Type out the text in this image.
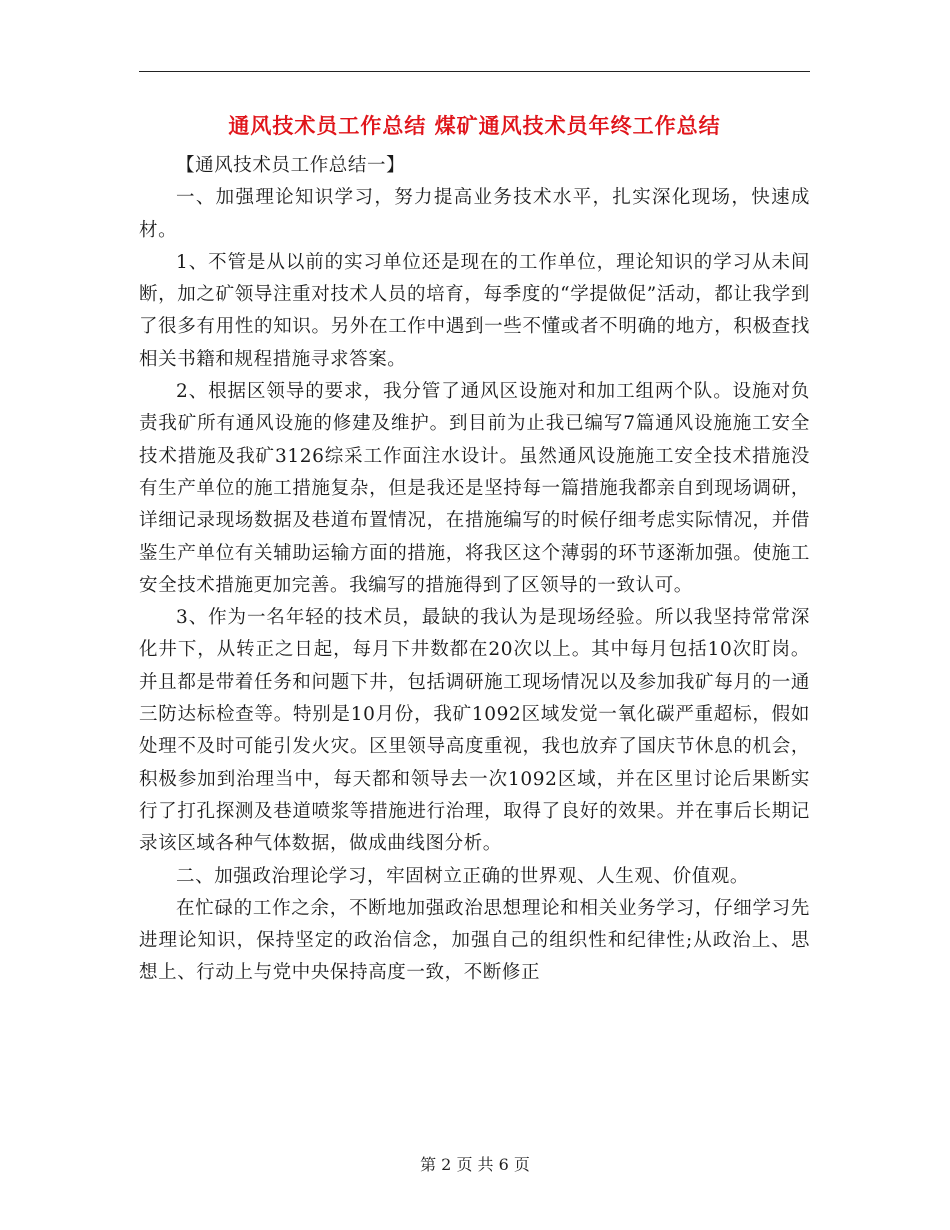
通风技术员工作总结 煤矿通风技术员年终工作总结

【通风技术员工作总结一】

一、加强理论知识学习，努力提高业务技术水平，扎实深化现场，快速成材。

1、不管是从以前的实习单位还是现在的工作单位，理论知识的学习从未间断，加之矿领导注重对技术人员的培育，每季度的“学提做促”活动，都让我学到了很多有用性的知识。另外在工作中遇到一些不懂或者不明确的地方，积极查找相关书籍和规程措施寻求答案。

2、根据区领导的要求，我分管了通风区设施对和加工组两个队。设施对负责我矿所有通风设施的修建及维护。到目前为止我已编写7篇通风设施施工安全技术措施及我矿3126综采工作面注水设计。虽然通风设施施工安全技术措施没有生产单位的施工措施复杂，但是我还是坚持每一篇措施我都亲自到现场调研，详细记录现场数据及巷道布置情况，在措施编写的时候仔细考虑实际情况，并借鉴生产单位有关辅助运输方面的措施，将我区这个薄弱的环节逐渐加强。使施工安全技术措施更加完善。我编写的措施得到了区领导的一致认可。

3、作为一名年轻的技术员，最缺的我认为是现场经验。所以我坚持常常深化井下，从转正之日起，每月下井数都在20次以上。其中每月包括10次盯岗。并且都是带着任务和问题下井，包括调研施工现场情况以及参加我矿每月的一通三防达标检查等。特别是10月份，我矿1092区域发觉一氧化碳严重超标，假如处理不及时可能引发火灾。区里领导高度重视，我也放弃了国庆节休息的机会，积极参加到治理当中，每天都和领导去一次1092区域，并在区里讨论后果断实行了打孔探测及巷道喷浆等措施进行治理，取得了良好的效果。并在事后长期记录该区域各种气体数据，做成曲线图分析。

二、加强政治理论学习，牢固树立正确的世界观、人生观、价值观。

在忙碌的工作之余，不断地加强政治思想理论和相关业务学习，仔细学习先进理论知识，保持坚定的政治信念，加强自己的组织性和纪律性;从政治上、思想上、行动上与党中央保持高度一致，不断修正

第 2 页 共 6 页
